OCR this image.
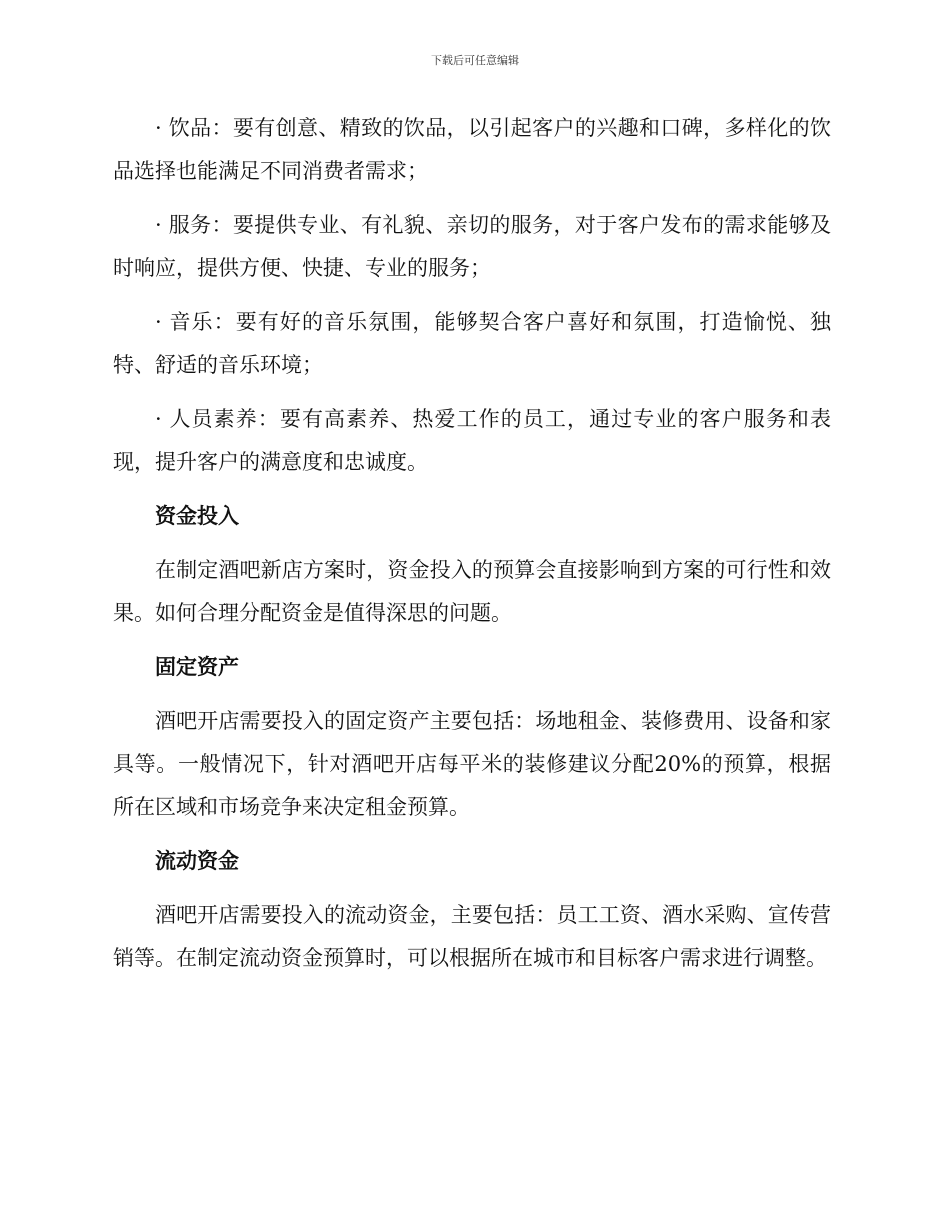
下载后可任意编辑

· 饮品：要有创意、精致的饮品，以引起客户的兴趣和口碑，多样化的饮品选择也能满足不同消费者需求；

· 服务：要提供专业、有礼貌、亲切的服务，对于客户发布的需求能够及时响应，提供方便、快捷、专业的服务；

· 音乐：要有好的音乐氛围，能够契合客户喜好和氛围，打造愉悦、独特、舒适的音乐环境；

· 人员素养：要有高素养、热爱工作的员工，通过专业的客户服务和表现，提升客户的满意度和忠诚度。

资金投入

在制定酒吧新店方案时，资金投入的预算会直接影响到方案的可行性和效果。如何合理分配资金是值得深思的问题。

固定资产

酒吧开店需要投入的固定资产主要包括：场地租金、装修费用、设备和家具等。一般情况下，针对酒吧开店每平米的装修建议分配20%的预算，根据所在区域和市场竞争来决定租金预算。

流动资金

酒吧开店需要投入的流动资金，主要包括：员工工资、酒水采购、宣传营销等。在制定流动资金预算时，可以根据所在城市和目标客户需求进行调整。
